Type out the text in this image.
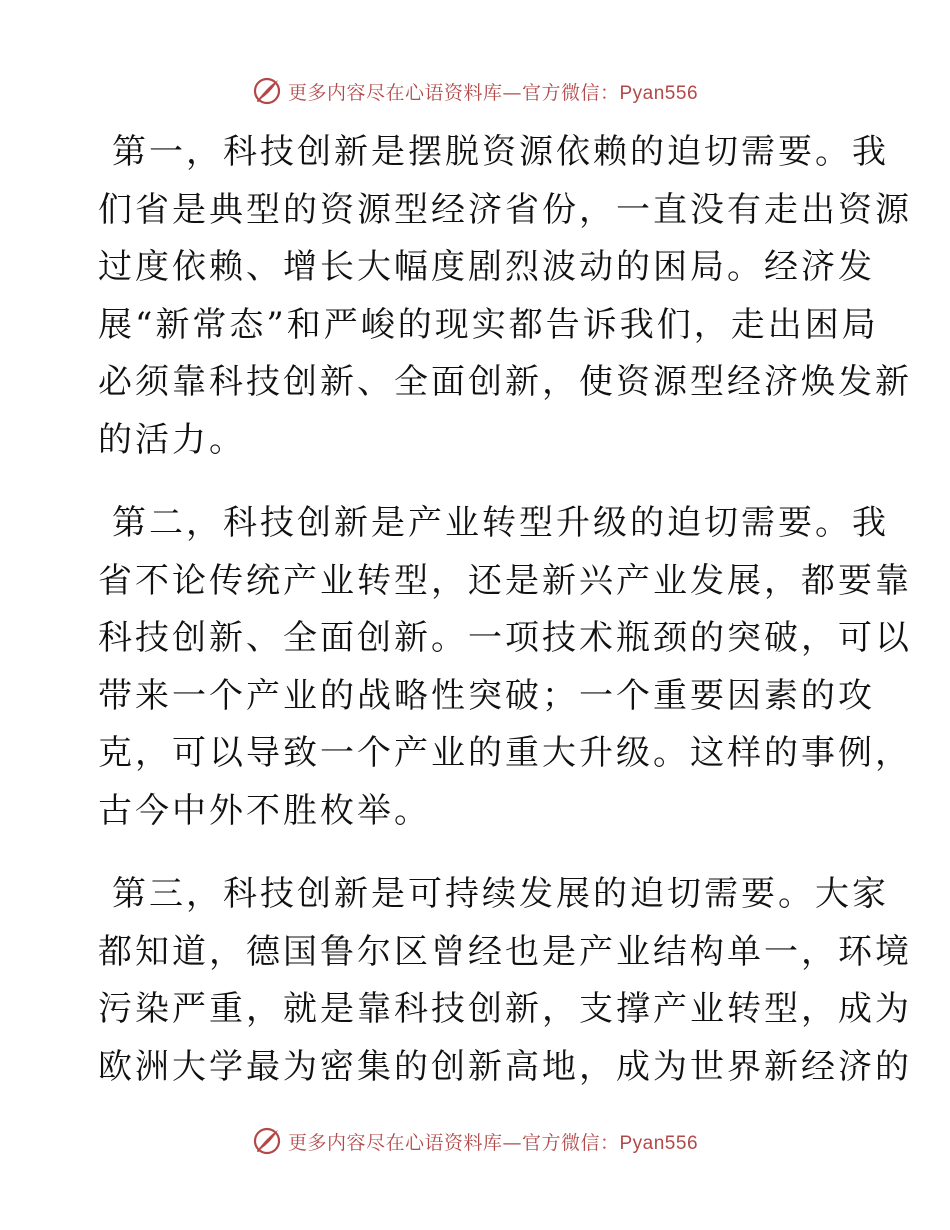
更多内容尽在心语资料库—官方微信：Pyan556
第一，科技创新是摆脱资源依赖的迫切需要。我
们省是典型的资源型经济省份，一直没有走出资源
过度依赖、增长大幅度剧烈波动的困局。经济发
展“新常态”和严峻的现实都告诉我们，走出困局
必须靠科技创新、全面创新，使资源型经济焕发新
的活力。
第二，科技创新是产业转型升级的迫切需要。我
省不论传统产业转型，还是新兴产业发展，都要靠
科技创新、全面创新。一项技术瓶颈的突破，可以
带来一个产业的战略性突破；一个重要因素的攻
克，可以导致一个产业的重大升级。这样的事例，
古今中外不胜枚举。
第三，科技创新是可持续发展的迫切需要。大家
都知道，德国鲁尔区曾经也是产业结构单一，环境
污染严重，就是靠科技创新，支撑产业转型，成为
欧洲大学最为密集的创新高地，成为世界新经济的
更多内容尽在心语资料库—官方微信：Pyan556
